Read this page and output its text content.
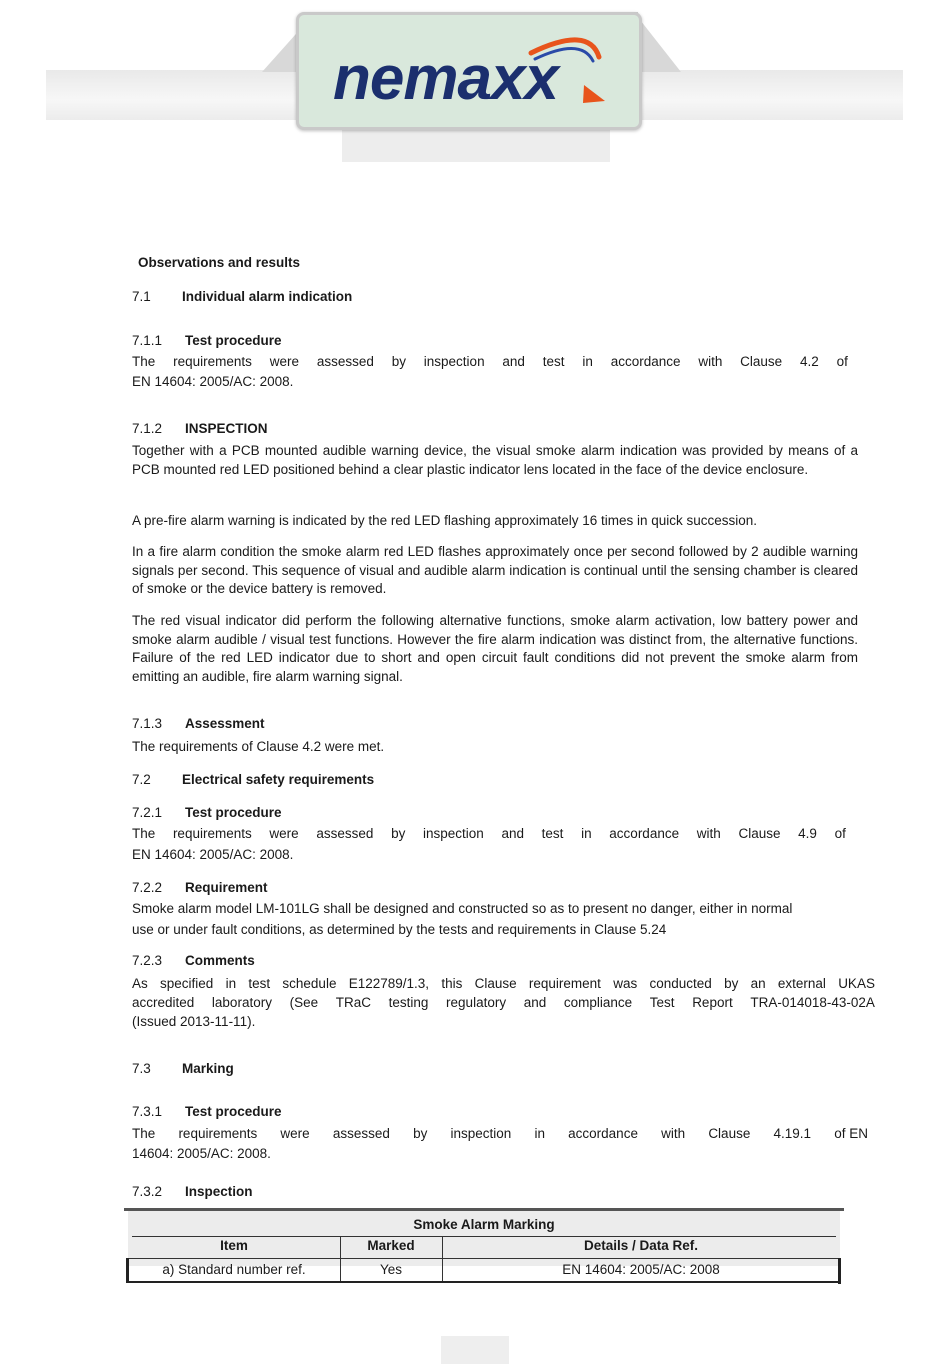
nemaxx
Observations and results
7.1 Individual alarm indication
7.1.1 Test procedure
The requirements were assessed by inspection and test in accordance with Clause 4.2 of
EN 14604: 2005/AC: 2008.
7.1.2 INSPECTION
Together with a PCB mounted audible warning device, the visual smoke alarm indication was provided by means of a PCB mounted red LED positioned behind a clear plastic indicator lens located in the face of the device enclosure.
A pre-fire alarm warning is indicated by the red LED flashing approximately 16 times in quick succession.
In a fire alarm condition the smoke alarm red LED flashes approximately once per second followed by 2 audible warning signals per second. This sequence of visual and audible alarm indication is continual until the sensing chamber is cleared of smoke or the device battery is removed.
The red visual indicator did perform the following alternative functions, smoke alarm activation, low battery power and smoke alarm audible / visual test functions. However the fire alarm indication was distinct from, the alternative functions. Failure of the red LED indicator due to short and open circuit fault conditions did not prevent the smoke alarm from emitting an audible, fire alarm warning signal.
7.1.3 Assessment
The requirements of Clause 4.2 were met.
7.2 Electrical safety requirements
7.2.1 Test procedure
The requirements were assessed by inspection and test in accordance with Clause 4.9 of
EN 14604: 2005/AC: 2008.
7.2.2 Requirement
Smoke alarm model LM-101LG shall be designed and constructed so as to present no danger, either in normal
use or under fault conditions, as determined by the tests and requirements in Clause 5.24
7.2.3 Comments
As specified in test schedule E122789/1.3, this Clause requirement was conducted by an external UKAS
accredited laboratory (See TRaC testing regulatory and compliance Test Report TRA-014018-43-02A
(Issued 2013-11-11).
7.3 Marking
7.3.1 Test procedure
The requirements were assessed by inspection in accordance with Clause 4.19.1 of EN
14604: 2005/AC: 2008.
7.3.2 Inspection
Smoke Alarm Marking
Item	Marked	Details / Data Ref.
a) Standard number ref.	Yes	EN 14604: 2005/AC: 2008
